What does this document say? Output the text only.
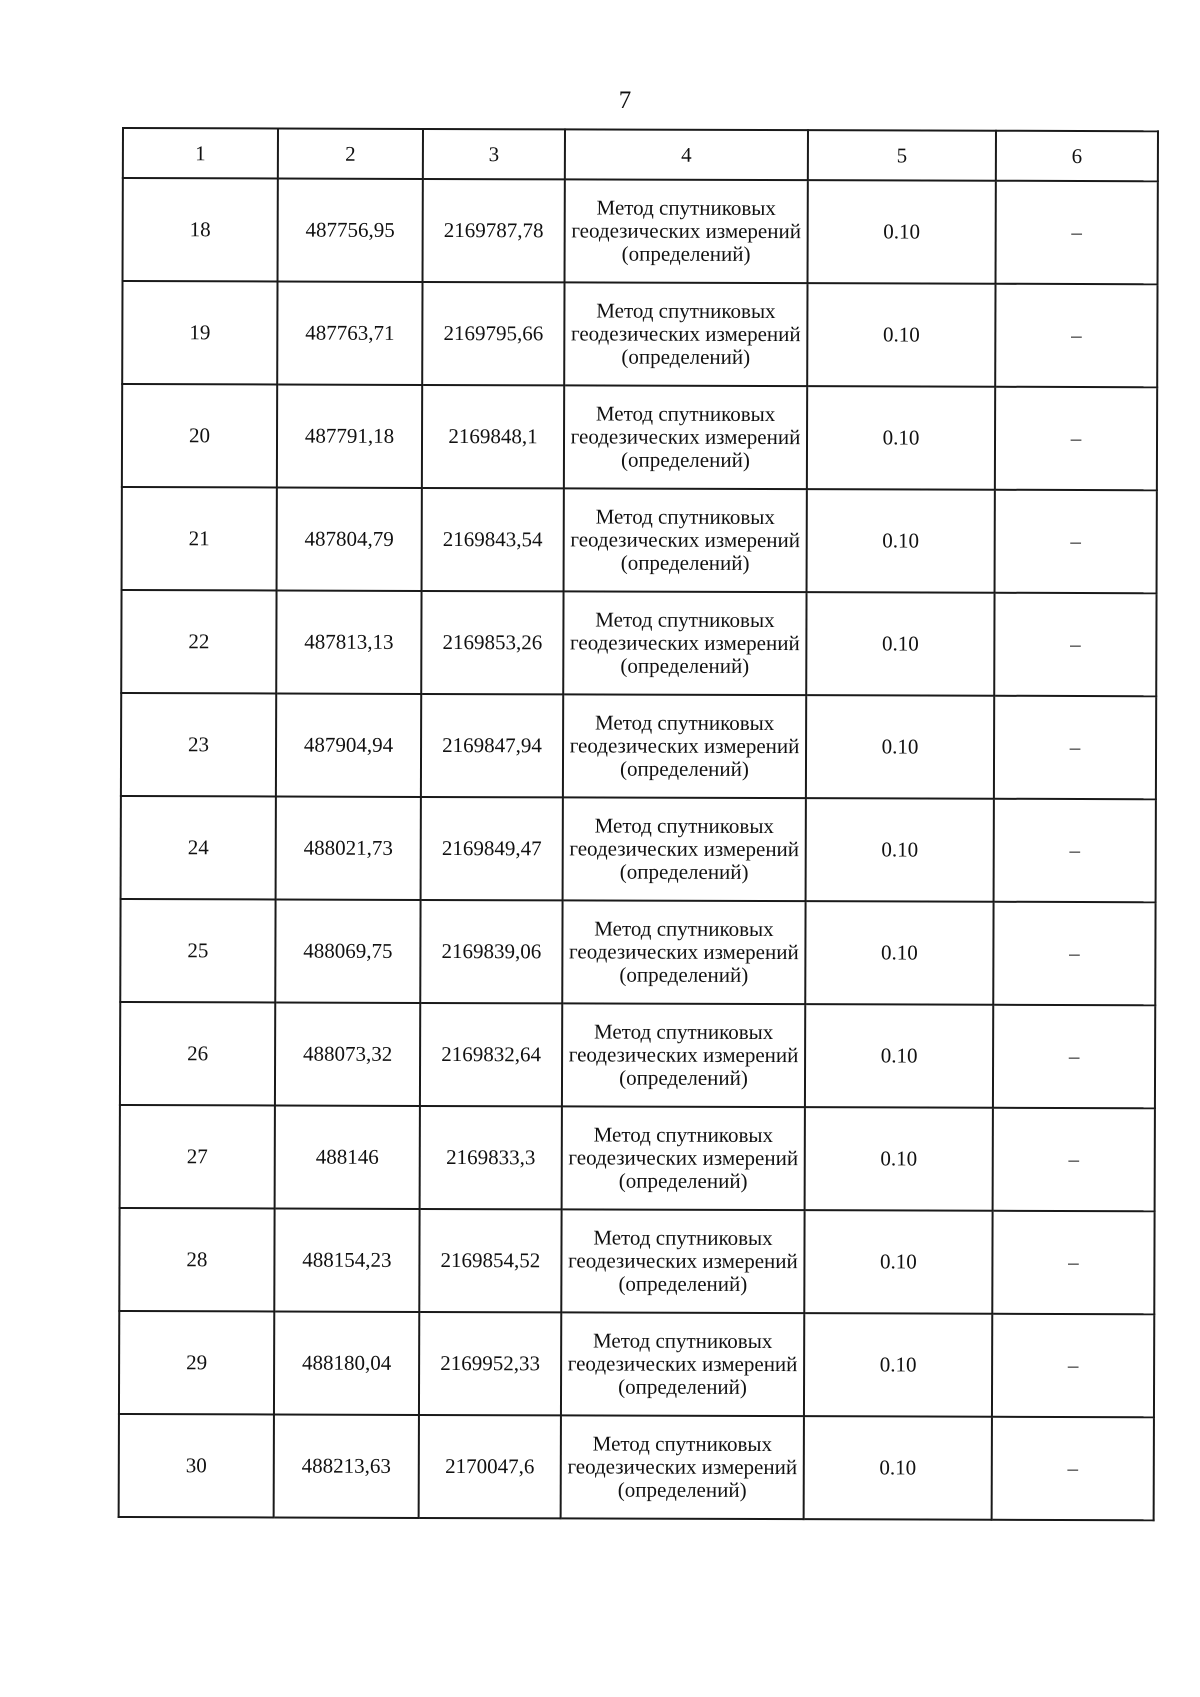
7
1	2	3	4	5	6
18	487756,95	2169787,78	Метод спутниковых геодезических измерений (определений)	0.10	–
19	487763,71	2169795,66	Метод спутниковых геодезических измерений (определений)	0.10	–
20	487791,18	2169848,1	Метод спутниковых геодезических измерений (определений)	0.10	–
21	487804,79	2169843,54	Метод спутниковых геодезических измерений (определений)	0.10	–
22	487813,13	2169853,26	Метод спутниковых геодезических измерений (определений)	0.10	–
23	487904,94	2169847,94	Метод спутниковых геодезических измерений (определений)	0.10	–
24	488021,73	2169849,47	Метод спутниковых геодезических измерений (определений)	0.10	–
25	488069,75	2169839,06	Метод спутниковых геодезических измерений (определений)	0.10	–
26	488073,32	2169832,64	Метод спутниковых геодезических измерений (определений)	0.10	–
27	488146	2169833,3	Метод спутниковых геодезических измерений (определений)	0.10	–
28	488154,23	2169854,52	Метод спутниковых геодезических измерений (определений)	0.10	–
29	488180,04	2169952,33	Метод спутниковых геодезических измерений (определений)	0.10	–
30	488213,63	2170047,6	Метод спутниковых геодезических измерений (определений)	0.10	–
